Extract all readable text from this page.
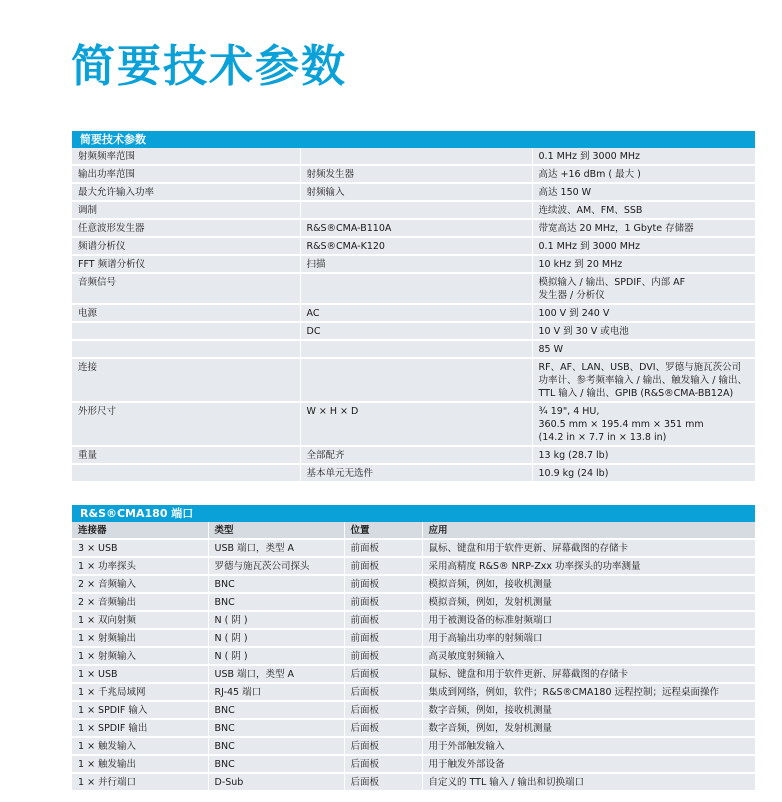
简要技术参数
简要技术参数		

射频频率范围		0.1 MHz 到 3000 MHz

输出功率范围	射频发生器	高达 +16 dBm ( 最大 )

最大允许输入功率	射频输入	高达 150 W

调制		连续波、AM、FM、SSB

任意波形发生器	R&S®CMA-B110A	带宽高达 20 MHz，1 Gbyte 存储器

频谱分析仪	R&S®CMA-K120	0.1 MHz 到 3000 MHz

FFT 频谱分析仪	扫描	10 kHz 到 20 MHz

音频信号		模拟输入 / 输出、SPDIF、内部 AF
发生器 / 分析仪

电源	AC	100 V 到 240 V

	DC	10 V 到 30 V 或电池

		85 W

连接		RF、AF、LAN、USB、DVI、罗德与施瓦茨公司
功率计、参考频率输入 / 输出、触发输入 / 输出、
TTL 输入 / 输出、GPIB (R&S®CMA-BB12A)

外形尺寸	W × H × D	¾ 19", 4 HU,
360.5 mm × 195.4 mm × 351 mm
(14.2 in × 7.7 in × 13.8 in)

重量	全部配齐	13 kg (28.7 lb)

	基本单元无选件	10.9 kg (24 lb)
R&S®CMA180 端口			
连接器	类型	位置	应用

3 × USB	USB 端口，类型 A	前面板	鼠标、键盘和用于软件更新、屏幕截图的存储卡

1 × 功率探头	罗德与施瓦茨公司探头	前面板	采用高精度 R&S® NRP-Zxx 功率探头的功率测量

2 × 音频输入	BNC	前面板	模拟音频，例如，接收机测量

2 × 音频输出	BNC	前面板	模拟音频，例如，发射机测量

1 × 双向射频	N ( 阴 )	前面板	用于被测设备的标准射频端口

1 × 射频输出	N ( 阴 )	前面板	用于高输出功率的射频端口

1 × 射频输入	N ( 阴 )	前面板	高灵敏度射频输入

1 × USB	USB 端口，类型 A	后面板	鼠标、键盘和用于软件更新、屏幕截图的存储卡

1 × 千兆局域网	RJ-45 端口	后面板	集成到网络，例如，软件；R&S®CMA180 远程控制；远程桌面操作

1 × SPDIF 输入	BNC	后面板	数字音频，例如，接收机测量

1 × SPDIF 输出	BNC	后面板	数字音频，例如，发射机测量

1 × 触发输入	BNC	后面板	用于外部触发输入

1 × 触发输出	BNC	后面板	用于触发外部设备

1 × 并行端口	D-Sub	后面板	自定义的 TTL 输入 / 输出和切换端口
